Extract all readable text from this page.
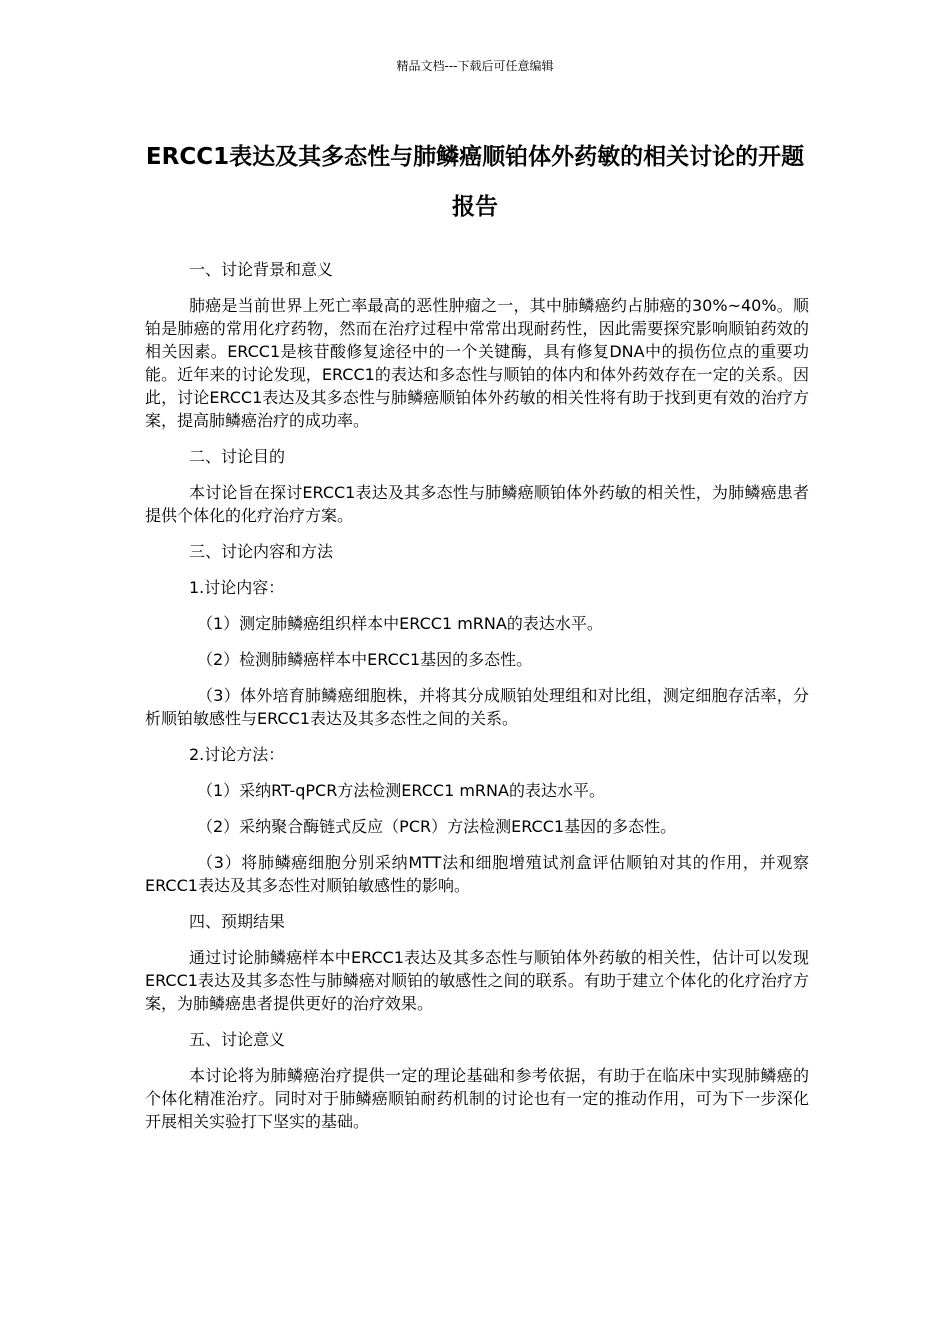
精品文档---下载后可任意编辑
ERCC1表达及其多态性与肺鳞癌顺铂体外药敏的相关讨论的开题报告
一、讨论背景和意义
肺癌是当前世界上死亡率最高的恶性肿瘤之一，其中肺鳞癌约占肺癌的30%~40%。顺铂是肺癌的常用化疗药物，然而在治疗过程中常常出现耐药性，因此需要探究影响顺铂药效的相关因素。ERCC1是核苷酸修复途径中的一个关键酶，具有修复DNA中的损伤位点的重要功能。近年来的讨论发现，ERCC1的表达和多态性与顺铂的体内和体外药效存在一定的关系。因此，讨论ERCC1表达及其多态性与肺鳞癌顺铂体外药敏的相关性将有助于找到更有效的治疗方案，提高肺鳞癌治疗的成功率。
二、讨论目的
本讨论旨在探讨ERCC1表达及其多态性与肺鳞癌顺铂体外药敏的相关性，为肺鳞癌患者提供个体化的化疗治疗方案。
三、讨论内容和方法
1.讨论内容：
（1）测定肺鳞癌组织样本中ERCC1 mRNA的表达水平。
（2）检测肺鳞癌样本中ERCC1基因的多态性。
（3）体外培育肺鳞癌细胞株，并将其分成顺铂处理组和对比组，测定细胞存活率，分析顺铂敏感性与ERCC1表达及其多态性之间的关系。
2.讨论方法：
（1）采纳RT-qPCR方法检测ERCC1 mRNA的表达水平。
（2）采纳聚合酶链式反应（PCR）方法检测ERCC1基因的多态性。
（3）将肺鳞癌细胞分别采纳MTT法和细胞增殖试剂盒评估顺铂对其的作用，并观察ERCC1表达及其多态性对顺铂敏感性的影响。
四、预期结果
通过讨论肺鳞癌样本中ERCC1表达及其多态性与顺铂体外药敏的相关性，估计可以发现ERCC1表达及其多态性与肺鳞癌对顺铂的敏感性之间的联系。有助于建立个体化的化疗治疗方案，为肺鳞癌患者提供更好的治疗效果。
五、讨论意义
本讨论将为肺鳞癌治疗提供一定的理论基础和参考依据，有助于在临床中实现肺鳞癌的个体化精准治疗。同时对于肺鳞癌顺铂耐药机制的讨论也有一定的推动作用，可为下一步深化开展相关实验打下坚实的基础。
